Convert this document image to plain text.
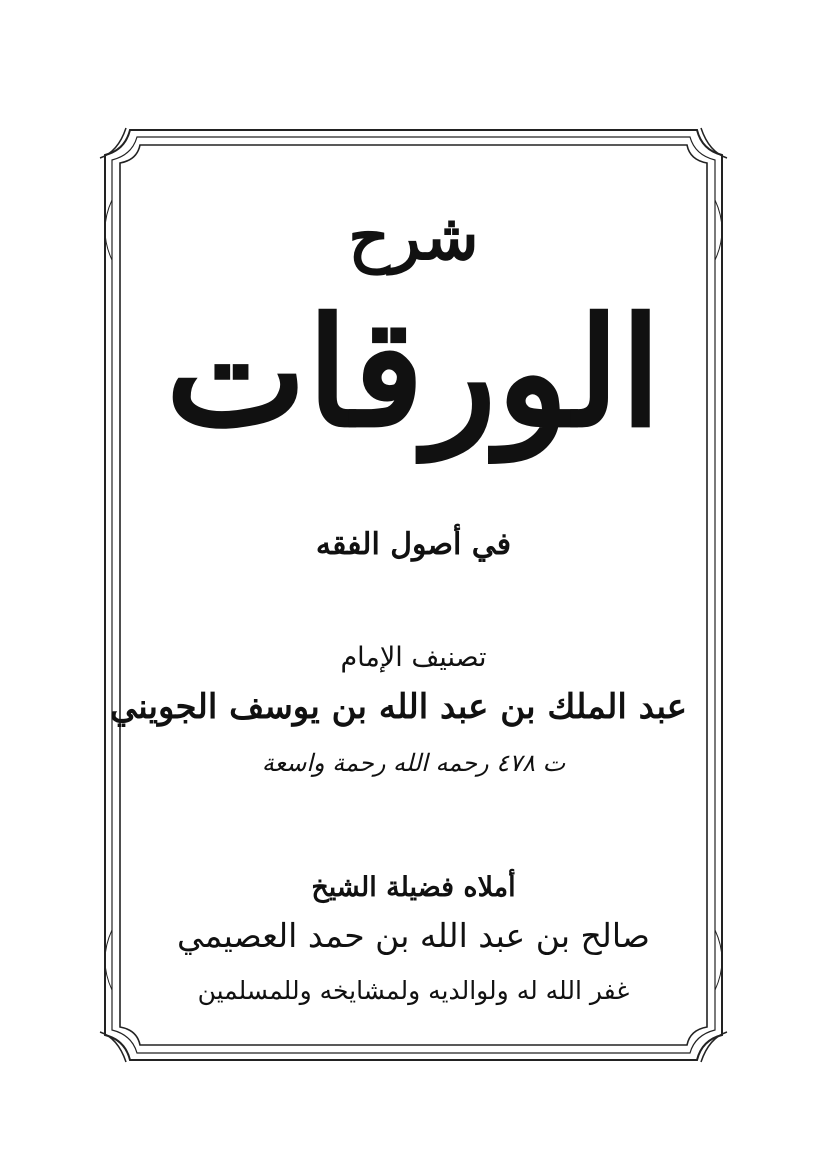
شرح
الورقات
في أصول الفقه
تصنيف الإمام
عبد الملك بن عبد الله بن يوسف الجويني
ت ٤٧٨ رحمه الله رحمة واسعة
أملاه فضيلة الشيخ
صالح بن عبد الله بن حمد العصيمي
غفر الله له ولوالديه ولمشايخه وللمسلمين
